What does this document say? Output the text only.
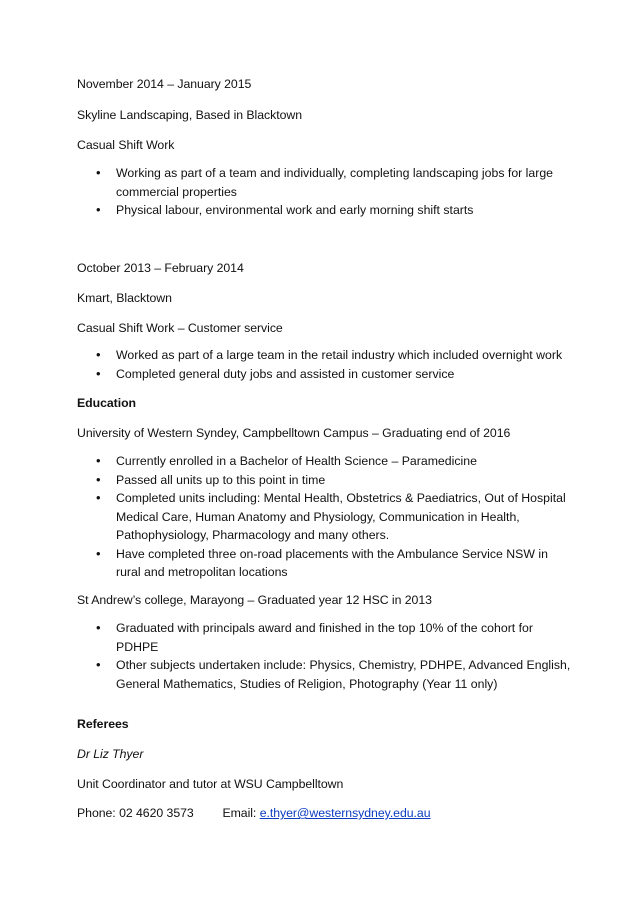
November 2014 – January 2015
Skyline Landscaping, Based in Blacktown
Casual Shift Work
• Working as part of a team and individually, completing landscaping jobs for large commercial properties
• Physical labour, environmental work and early morning shift starts
October 2013 – February 2014
Kmart, Blacktown
Casual Shift Work – Customer service
• Worked as part of a large team in the retail industry which included overnight work
• Completed general duty jobs and assisted in customer service
Education
University of Western Syndey, Campbelltown Campus – Graduating end of 2016
• Currently enrolled in a Bachelor of Health Science – Paramedicine
• Passed all units up to this point in time
• Completed units including: Mental Health, Obstetrics & Paediatrics, Out of Hospital Medical Care, Human Anatomy and Physiology, Communication in Health, Pathophysiology, Pharmacology and many others.
• Have completed three on-road placements with the Ambulance Service NSW in rural and metropolitan locations
St Andrew’s college, Marayong – Graduated year 12 HSC in 2013
• Graduated with principals award and finished in the top 10% of the cohort for PDHPE
• Other subjects undertaken include: Physics, Chemistry, PDHPE, Advanced English, General Mathematics, Studies of Religion, Photography (Year 11 only)
Referees
Dr Liz Thyer
Unit Coordinator and tutor at WSU Campbelltown
Phone: 02 4620 3573 Email: e.thyer@westernsydney.edu.au
